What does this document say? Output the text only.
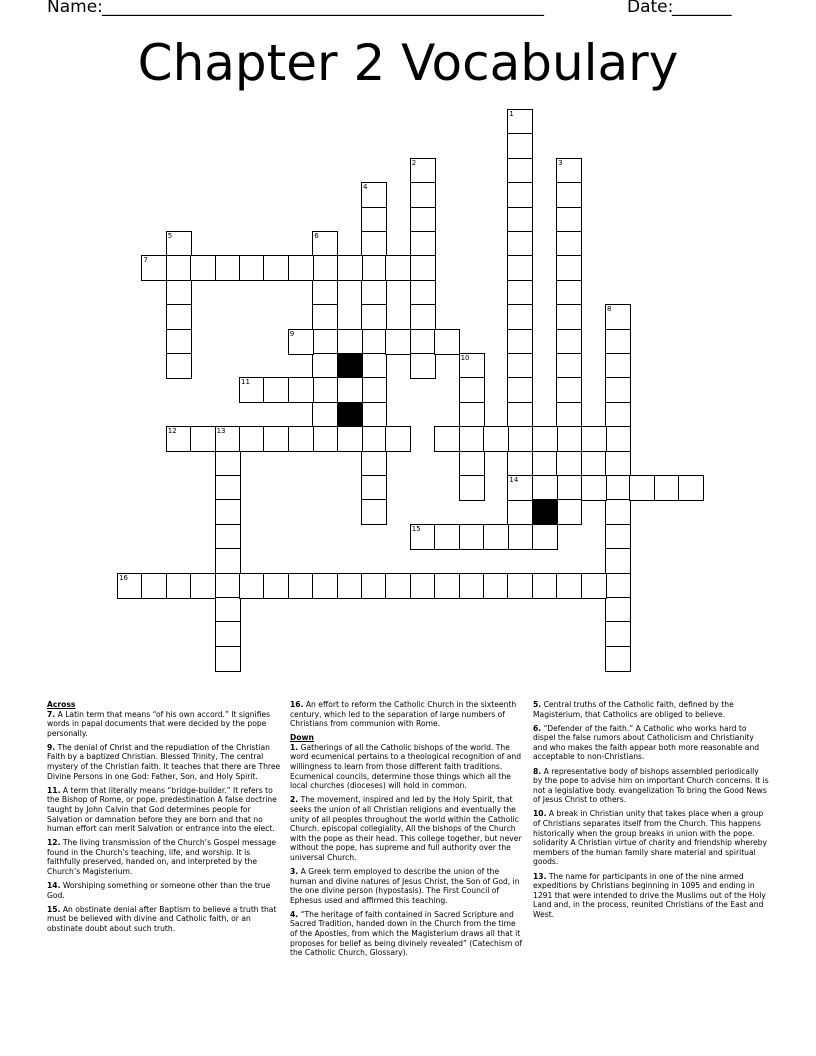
Name: ____________________________________________________	Date:
_______
Chapter 2 Vocabulary
1
2	3
4
5	6
7
8
9
10
11
12	13
14
15
16

Across

7. A Latin term that means “of his own accord.” It signifies words in papal documents that were decided by the pope personally.

9. The denial of Christ and the repudiation of the Christian Faith by a baptized Christian. Blessed Trinity, The central mystery of the Christian faith. It teaches that there are Three Divine Persons in one God: Father, Son, and Holy Spirit.

11. A term that literally means “bridge-builder.” It refers to the Bishop of Rome, or pope. predestination A false doctrine taught by John Calvin that God determines people for Salvation or damnation before they are born and that no human effort can merit Salvation or entrance into the elect.

12. The living transmission of the Church’s Gospel message found in the Church’s teaching, life, and worship. It is faithfully preserved, handed on, and interpreted by the Church’s Magisterium.

14. Worshiping something or someone other than the true God.

15. An obstinate denial after Baptism to believe a truth that must be believed with divine and Catholic faith, or an obstinate doubt about such truth.

16. An effort to reform the Catholic Church in the sixteenth century, which led to the separation of large numbers of Christians from communion with Rome.

Down

1. Gatherings of all the Catholic bishops of the world. The word ecumenical pertains to a theological recognition of and willingness to learn from those different faith traditions. Ecumenical councils, determine those things which all the local churches (dioceses) will hold in common.

2. The movement, inspired and led by the Holy Spirit, that seeks the union of all Christian religions and eventually the unity of all peoples throughout the world within the Catholic Church. episcopal collegiality, All the bishops of the Church with the pope as their head. This college together, but never without the pope, has supreme and full authority over the universal Church.

3. A Greek term employed to describe the union of the human and divine natures of Jesus Christ, the Son of God, in the one divine person (hypostasis). The First Council of Ephesus used and affirmed this teaching.

4. “The heritage of faith contained in Sacred Scripture and Sacred Tradition, handed down in the Church from the time of the Apostles, from which the Magisterium draws all that it proposes for belief as being divinely revealed” (Catechism of the Catholic Church, Glossary).

5. Central truths of the Catholic faith, defined by the Magisterium, that Catholics are obliged to believe.

6. “Defender of the faith.” A Catholic who works hard to dispel the false rumors about Catholicism and Christianity and who makes the faith appear both more reasonable and acceptable to non-Christians.

8. A representative body of bishops assembled periodically by the pope to advise him on important Church concerns. It is not a legislative body. evangelization To bring the Good News of Jesus Christ to others.

10. A break in Christian unity that takes place when a group of Christians separates itself from the Church. This happens historically when the group breaks in union with the pope. solidarity A Christian virtue of charity and friendship whereby members of the human family share material and spiritual goods.

13. The name for participants in one of the nine armed expeditions by Christians beginning in 1095 and ending in 1291 that were intended to drive the Muslims out of the Holy Land and, in the process, reunited Christians of the East and West.
